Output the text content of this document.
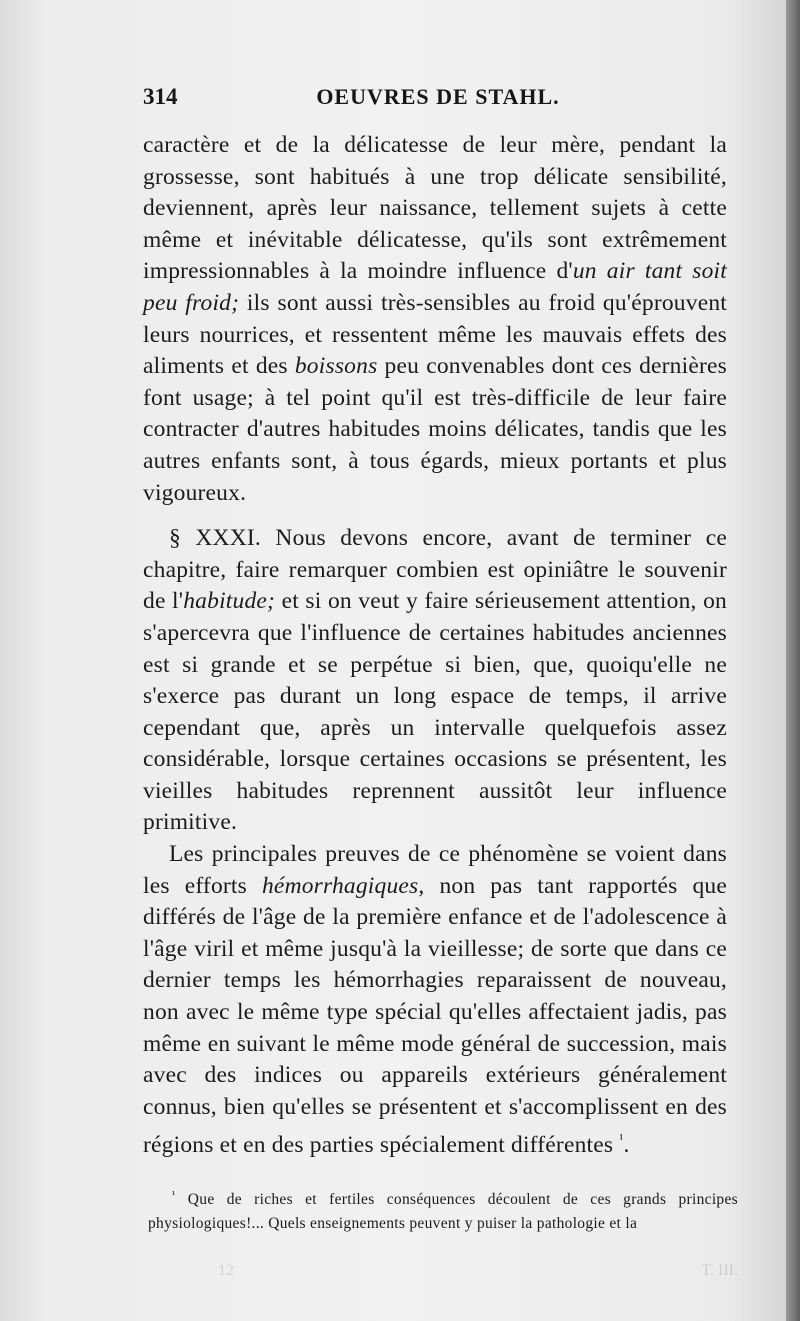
314	OEUVRES DE STAHL.

caractère et de la délicatesse de leur mère, pendant la grossesse, sont habitués à une trop délicate sensibilité, deviennent, après leur naissance, tellement sujets à cette même et inévitable délicatesse, qu'ils sont extrêmement impressionnables à la moindre influence d'un air tant soit peu froid; ils sont aussi très-sensibles au froid qu'éprouvent leurs nourrices, et ressentent même les mauvais effets des aliments et des boissons peu convenables dont ces dernières font usage; à tel point qu'il est très-difficile de leur faire contracter d'autres habitudes moins délicates, tandis que les autres enfants sont, à tous égards, mieux portants et plus vigoureux.

§ XXXI. Nous devons encore, avant de terminer ce chapitre, faire remarquer combien est opiniâtre le souvenir de l'habitude; et si on veut y faire sérieusement attention, on s'apercevra que l'influence de certaines habitudes anciennes est si grande et se perpétue si bien, que, quoiqu'elle ne s'exerce pas durant un long espace de temps, il arrive cependant que, après un intervalle quelquefois assez considérable, lorsque certaines occasions se présentent, les vieilles habitudes reprennent aussitôt leur influence primitive.

Les principales preuves de ce phénomène se voient dans les efforts hémorrhagiques, non pas tant rapportés que différés de l'âge de la première enfance et de l'adolescence à l'âge viril et même jusqu'à la vieillesse; de sorte que dans ce dernier temps les hémorrhagies reparaissent de nouveau, non avec le même type spécial qu'elles affectaient jadis, pas même en suivant le même mode général de succession, mais avec des indices ou appareils extérieurs généralement connus, bien qu'elles se présentent et s'accomplissent en des régions et en des parties spécialement différentes $^{^1}$.

$^{^1}$ Que de riches et fertiles conséquences découlent de ces grands principes physiologiques!... Quels enseignements peuvent y puiser la pathologie et la

12	T. III.
